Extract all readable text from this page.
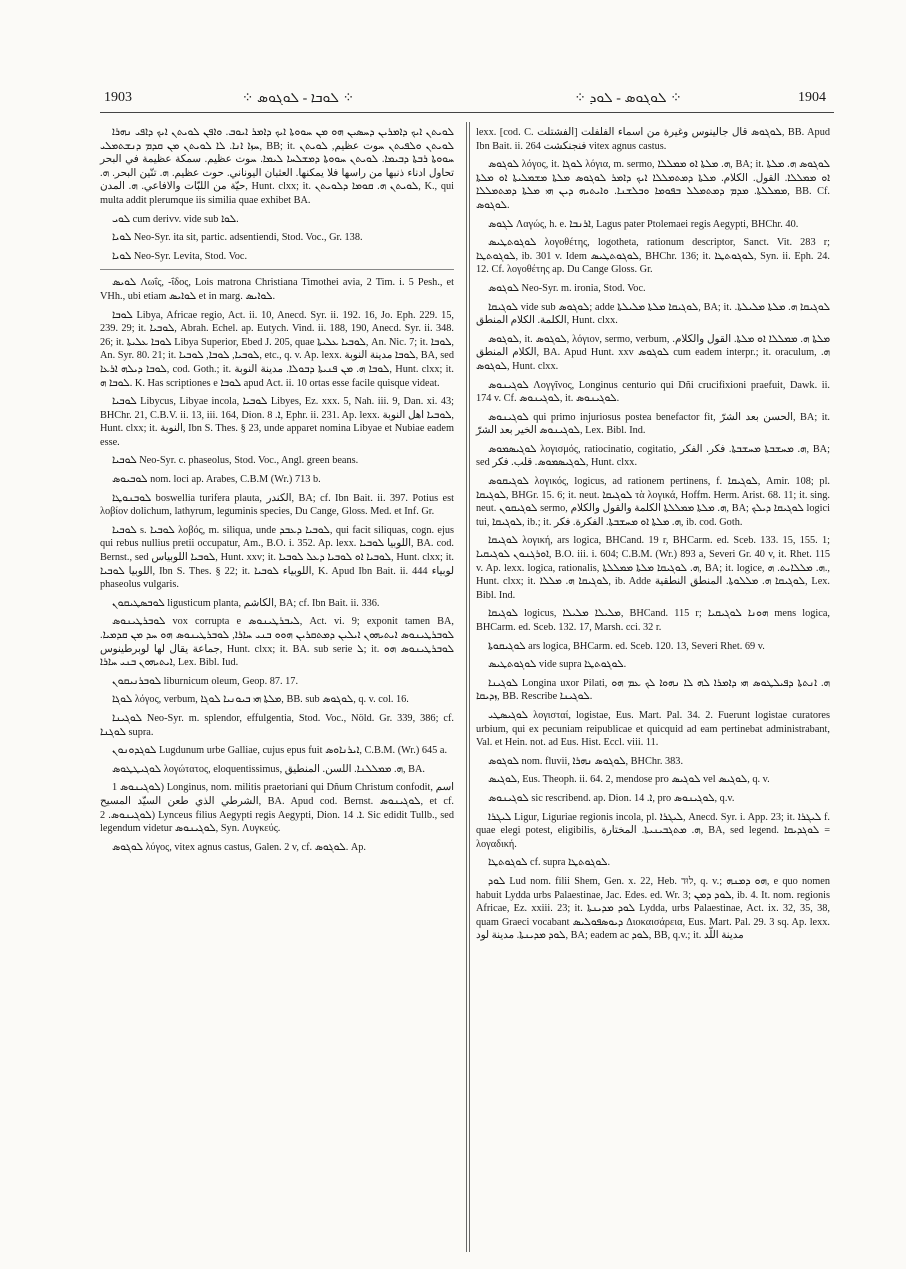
1903	⁘ ܠܘܒܐ - ܠܘܓܘܣ ⁘	⁘ ܠܘܓܘܣ - ܠܘܕ ⁘	1904

ܠܘܝܬܢ ܐܝܟ ܕܐܡܪܝܢ ܕܚܣܝܢ ܗܘ ܡܢ ܚܘܘܬܐ ܐܝܟ ܕܐܡܪ ܐܝܘܒ. ܘܐܦܢ ܠܘܝܬܢ ܐܝܟ ܕܐܦܝ ܢܗܪܐ ܚܙܐ ܐܢܐ. ܠܐ ܠܘܝܬܢ ܡܢ ܩܕܡ ܕܢܫܬܡܠܝ, BB; it. ܠܘܝܬܢ ܘܠܦܝܬܢ ܚوت عظيم, ܠܘܝܬܢ ܚܘܘܬܐ ܪܒܬܐ ܕܒܝܡܐ. ܠܘܝܬܢ ܚܘܘܬܐ ܕܡܫܠܚܐ ܠܝܡܐ. ܚوت عظيم. سمكة عظيمة في البحر تحاول ادناء ذنبها من راسها فلا يمكنها. العثبان اليوناني. حوت عظيم. ܗ. تنّين البحر. ܗ. حيّة من اللبّات والافاعي. ܗ. المدن, Hunt. clxx; it. ܠܘܝܬܢ ܗ. ܩܘܡܐ ܕܠܘܝܬܢ, K., qui multa addit plerumque iis similia quae exhibet BA.

ܠܘܝ cum derivv. vide sub ܠܘܐ.

ܠܘܝܐ Neo-Syr. ita sit, partic. adsentiendi, Stod. Voc., Gr. 138.

ܠܘܝܐ Neo-Syr. Levita, Stod. Voc.

ܠܘܝܣ Λωΐς, -ΐδος, Lois matrona Christiana Timothei avia, 2 Tim. i. 5 Pesh., et VHh., ubi etiam ܠܘܐܝܣ et in marg. ܠܘܐܝܣ.

ܠܘܒܐ Libya, Africae regio, Act. ii. 10, Anecd. Syr. ii. 192. 16, Jo. Eph. 229. 15, 239. 29; it. ܠܘܒܝܐ, Abrah. Echel. ap. Eutych. Vind. ii. 188, 190, Anecd. Syr. ii. 348. 26; it. ܠܘܒܐ ܥܠܝܬܐ Libya Superior, Ebed J. 205, quae ܠܘܒܝܐ ܥܠܝܬܐ, An. Nic. 7; it. ܠܘܒܐ, An. Syr. 80. 21; it. ܠܘܒܝܐ, ܠܘܒܐ, ܠܘܒܝܐ, etc., q. v. Ap. lexx. ܠܘܒܐ مدينة النوبة, BA, sed ܠܘܒܐ ܕܝܠܗ ܐܪܥܐ, cod. Goth.; it. ܠܘܒܐ ܗ. ܡܢ ܦܢܝܬܐ ܕܒܘܠܐ. مدينة النوبة, Hunt. clxx; it. ܠܘܒܐ ܗ. K. Has scriptiones e ܠܘܒܐ apud Act. ii. 10 ortas esse facile quisque videat.

ܠܘܒܝܐ Libycus, Libyae incola, ܠܘܒܝܐ Libyes, Ez. xxx. 5, Nah. iii. 9, Dan. xi. 43; BHChr. 21, C.B.V. ii. 13, iii. 164, Dion. ܐ. 8, Ephr. ii. 231. Ap. lexx. ܠܘܒܝܐ اهل النوبة, Hunt. clxx; it. النوبة, Ibn S. Thes. § 23, unde apparet nomina Libyae et Nubiae eadem esse.

ܠܘܒܝܐ Neo-Syr. c. phaseolus, Stod. Voc., Angl. green beans.

ܠܘܒܝܘܣ nom. loci ap. Arabes, C.B.M (Wr.) 713 b.

ܠܘܒܢܘܛܐ boswellia turifera plauta, الكندر, BA; cf. Ibn Bait. ii. 397. Potius est λοβίον dolichum, lathyrum, leguminis species, Du Cange, Gloss. Med. et Inf. Gr.

ܠܘܒܝܐ s. ܠܘܒܝܐ λοβός, m. siliqua, unde ܠܘܒܝܐ ܕܥܒܕ, qui facit siliquas, cogn. ejus qui rebus nullius pretii occupatur, Am., B.O. i. 352. Ap. lexx. اللوبيا ܠܘܒܝܐ, BA. cod. Bernst., sed ܠܘܒܝܐ اللوبياس, Hunt. xxv; it. ܠܘܒܝܐ ܐܘ ܠܘܒܝܐ ܕܥܠ ܠܘܒܝܐ, Hunt. clxx; it. اللوبيا ܠܘܒܝܐ, Ibn S. Thes. § 22; it. اللوبياء ܠܘܒܝܐ, K. Apud Ibn Bait. ii. 444 لوبياء phaseolus vulgaris.

ܠܘܒܣܛܝܩܘܢ ligusticum planta, الكاشم, BA; cf. Ibn Bait. ii. 336.

ܠܘܒܪܛܝܢܘܣ vox corrupta e ܠܝܒܪܛܝܢܘܣ, Act. vi. 9; exponit tamen BA, ܠܘܒܪܛܝܢܘܣ ܐܝܬܝܗܘܢ ܐܝܠܝܢ ܕܡܬܩܪܝܢ ܗܘܘ ܒܢܝ ܚܐܪܐ, ܠܘܒܪܛܝܢܘܣ ܗܘ ܚܕ ܡܢ ܩܕܡܝܐ. جماعة يقال لها لوبرطينوس, Hunt. clxx; it. BA. sub serie ܠ; it. ܠܘܒܪܛܝܢܘܣ ܗܘ ܐܝܬܝܗܘܢ ܒܢܝ ܚܐܪܐ, Lex. Bibl. Iud.

ܠܘܒܪܢܝܩܘܢ liburnicum oleum, Geop. 87. 17.

ܠܘܓܐ λόγος, verbum, ܡܠܬܐ ܗܝ ܒܝܘܢܝܐ ܠܘܓܐ, BB. sub ܠܘܓܘܣ, q. v. col. 16.

ܠܘܓܝܢܐ Neo-Syr. m. splendor, effulgentia, Stod. Voc., Nöld. Gr. 339, 386; cf. ܠܘܓܢܐ supra.

ܠܘܓܕܘܢܘܢ Lugdunum urbe Galliae, cujus epus fuit ܐܝܪܢܐܘܣ, C.B.M. (Wr.) 645 a.

ܠܘܓܝܛܛܘܣ λογώτατος, eloquentissimus, ܗ. ܡܡܠܠܢܐ. اللسن. المنطيق, BA.

ܠܘܓܝܢܘܣ 1) Longinus, nom. militis praetoriani qui Dñum Christum confodit, اسم الشرطي الذي طعن السيّد المسيح, BA. Apud cod. Bernst. ܠܘܓܝܢܘܣ, et cf. ܠܘܓܝܢܘܣ. 2) Lynceus filius Aegypti regis Aegypti, Dion. ܐ. 14. Sic edidit Tullb., sed legendum videtur ܠܘܓܝܢܘܣ, Syn. Λυγκεύς.

ܠܘܓܘܣ λύγος, vitex agnus castus, Galen. 2 v, cf. ܠܘܓܘܣ. Ap.

lexx. [cod. C. الفشتلت] ܠܘܓܘܣ قال جالينوس وغيرة من اسماء الفلفلت, BB. Apud Ibn Bait. ii. 264 فنجنكشت vitex agnus castus.

ܠܘܓܘܣ λόγος, it. ܠܘܓܐ λόγια, m. sermo, ܗ. ܡܠܬܐ ܐܘ ܡܡܠܠܐ, BA; it. ܠܘܓܘܣ ܗ. ܡܠܬܐ ܐܘ ܡܡܠܠܐ. القول. الكلام. ܡܠܬܐ ܕܡܬܡܠܠܐ ܐܝܟ ܕܐܡܪ ܠܘܓܘܣ ܡܠܬܐ ܡܫܡܠܝܬܐ ܐܘ ܡܠܬܐ ܡܡܠܠܬܐ. ܡܕܡ ܕܡܬܡܠܠ ܒܦܘܡܐ ܘܒܠܫܢܐ. ܘܐܝܬܝܗ ܕܝܢ ܗܝ ܡܠܬܐ ܕܡܬܡܠܠܐ, BB. Cf. ܠܘܓܘܣ.

ܠܓܘܣ Λαγώς, h. e. ܐܪܢܒܐ, Lagus pater Ptolemaei regis Aegypti, BHChr. 40.

ܠܘܓܘܬܛܝܣ λογοθέτης, logotheta, rationum descriptor, Sanct. Vit. 283 r; ܠܘܓܘܬܛܐ, ib. 301 v. Idem ܠܘܓܘܬܛܝܣ, BHChr. 136; it. ܠܘܓܘܬܛܐ, Syn. ii. Eph. 24. 12. Cf. λογοθέτης ap. Du Cange Gloss. Gr.

ܠܘܓܘܣ Neo-Syr. m. ironia, Stod. Voc.

ܠܘܓܝܩܐ vide sub ܠܘܓܘܣ; adde ܠܘܓܝܩܐ ܡܠܬܐ ܡܠܝܠܬܐ, BA; it. ܠܘܓܝܩܐ ܗ. ܡܠܬܐ ܡܠܝܠܬܐ. الكلمة. الكلام المنطق, Hunt. clxx.

ܠܘܓܘܣ, it. ܠܘܓܘܣ, λόγιον, sermo, verbum, ܡܠܬܐ ܗ. ܡܡܠܠܐ ܐܘ ܡܠܬܐ. القول والكلام. الكلام المنطق, BA. Apud Hunt. xxv ܠܘܓܘܣ cum eadem interpr.; it. oraculum, ܗ. ܠܘܓܘܣ, Hunt. clxx.

ܠܘܓܝܢܘܣ Λογγῖνος, Longinus centurio qui Dñi crucifixioni praefuit, Dawk. ii. 174 v. Cf. ܠܘܓܝܢܘܣ, it. ܠܘܓܝܢܘܣ.

ܠܘܓܝܢܘܣ qui primo injuriosus postea benefactor fit, الحسن بعد الشرّ, BA; it. ܠܘܓܝܢܘܣ الخير بعد الشرّ, Lex. Bibl. Ind.

ܠܘܓܝܣܡܘܣ λογισμός, ratiocinatio, cogitatio, ܗ. ܡܚܫܒܬܐ ܡܚܫܒܬܐ. فكر. الفكر, BA; sed ܠܘܓܝܣܡܘܣ. قلب. فكر, Hunt. clxx.

ܠܘܓܝܩܘܣ λογικός, logicus, ad rationem pertinens, f. ܠܘܓܝܩܐ, Amir. 108; pl. ܠܘܓܝܩܐ, BHGr. 15. 6; it. neut. ܠܘܓܝܩܐ τὰ λογικά, Hoffm. Herm. Arist. 68. 11; it. sing. neut. ܠܘܓܝܩܘܢ sermo, ܗ. ܡܠܬܐ ܡܡܠܠܬܐ الكلمة والقول والكلام, BA; ܠܘܓܝܩܐ ܕܝܠܟ logici tui, ܠܘܓܝܩܐ, ib.; it. ܗ. ܡܠܬܐ ܐܘ ܡܚܫܒܬܐ. الفكرة. فكر, ib. cod. Goth.

ܠܘܓܝܩܐ λογική, ars logica, BHCand. 19 r, BHCarm. ed. Sceb. 133. 15, 155. 1; ܐܘܪܓܢܘܢ ܠܘܓܝܩܝܐ, B.O. iii. i. 604; C.B.M. (Wr.) 893 a, Severi Gr. 40 v, it. Rhet. 115 v. Ap. lexx. logica, rationalis, ܗ. ܠܘܓܝܩܐ ܡܠܬܐ ܡܡܠܠܬܐ, BA; it. logice, ܗ. ܡܠܠܐܝܬ. ܗ., Hunt. clxx; it. ܠܘܓܝܩܐ ܗ. ܡܠܠܐ, ib. Adde ܠܘܓܝܩܐ ܗ. ܡܠܠܘܬܐ. المنطق النطقية, Lex. Bibl. Ind.

ܠܘܓܝܩܐ logicus, ܡܠܝܠܐ ܡܠܝܠܐ, BHCand. 115 r; ܗܘܢܐ ܠܘܓܝܩܝܐ mens logica, BHCarm. ed. Sceb. 132. 17, Marsh. cci. 32 r.

ܠܘܓܝܩܘܬܐ ars logica, BHCarm. ed. Sceb. 120. 13, Severi Rhet. 69 v.

ܠܘܓܘܬܛܝܣ vide supra ܠܘܓܘܬܛܐ.

ܠܘܓܝܢܐ Longina uxor Pilati, ܗ. ܐܢܬܬܐ ܕܦܝܠܛܘܣ ܗܝ ܕܐܡܪܐ ܠܗ ܠܐ ܢܗܘܐ ܠܟ ܥܡ ܗܘ ܙܕܝܩܐ, BB. Rescribe ܠܘܓܝܢܐ.

ܠܘܓܝܣܛܝ λογισταί, logistae, Eus. Mart. Pal. 34. 2. Fuerunt logistae curatores urbium, qui ex pecuniam reipublicae et quicquid ad eam pertinebat administrabant, Val. et Hein. not. ad Eus. Hist. Eccl. viii. 11.

ܠܘܓܘܣ nom. fluvii, ܠܘܓܘܣ ܢܗܪܐ, BHChr. 383.

ܠܘܓܝܣ, Eus. Theoph. ii. 64. 2, mendose pro ܠܘܓܝܣ vel ܠܘܓܝܣ, q. v.

ܠܘܓܝܢܘܣ sic rescribend. ap. Dion. ܐ. 14, pro ܠܘܓܝܢܘܣ, q.v.

ܠܝܓܪܐ Ligur, Liguriae regionis incola, pl. ܠܝܓܪܐ, Anecd. Syr. i. App. 23; it. ܠܝܓܪܐ f. quae elegi potest, eligibilis, ܗ. ܡܬܓܒܝܢܝܬܐ. المختارة, BA, sed legend. ܠܘܓܕܝܩܐ = λογαδική.

ܠܘܓܘܬܛܐ cf. supra ܠܘܓܘܬܛܐ.

ܠܘܕ Lud nom. filii Shem, Gen. x. 22, Heb. לוּד, q. v.; ܗܘ ܕܡܢܗ, e quo nomen habuit Lydda urbs Palaestinae, Jac. Edes. ed. Wr. 3; ܠܘܕ ܕܡܢ, ib. 4. It. nom. regionis Africae, Ez. xxiii. 23; it. ܠܘܕ ܡܕܝܢܬܐ Lydda, urbs Palaestinae, Act. ix. 32, 35, 38, quam Graeci vocabant ܕܝܘܣܦܘܠܝܣ Διοκαισάρεια, Eus. Mart. Pal. 29. 3 sq. Ap. lexx. ܠܘܕ ܡܕܝܢܬܐ. مدينة لود, BA; eadem ac ܠܘܕ, BB, q.v.; it. مدينة اللّد
